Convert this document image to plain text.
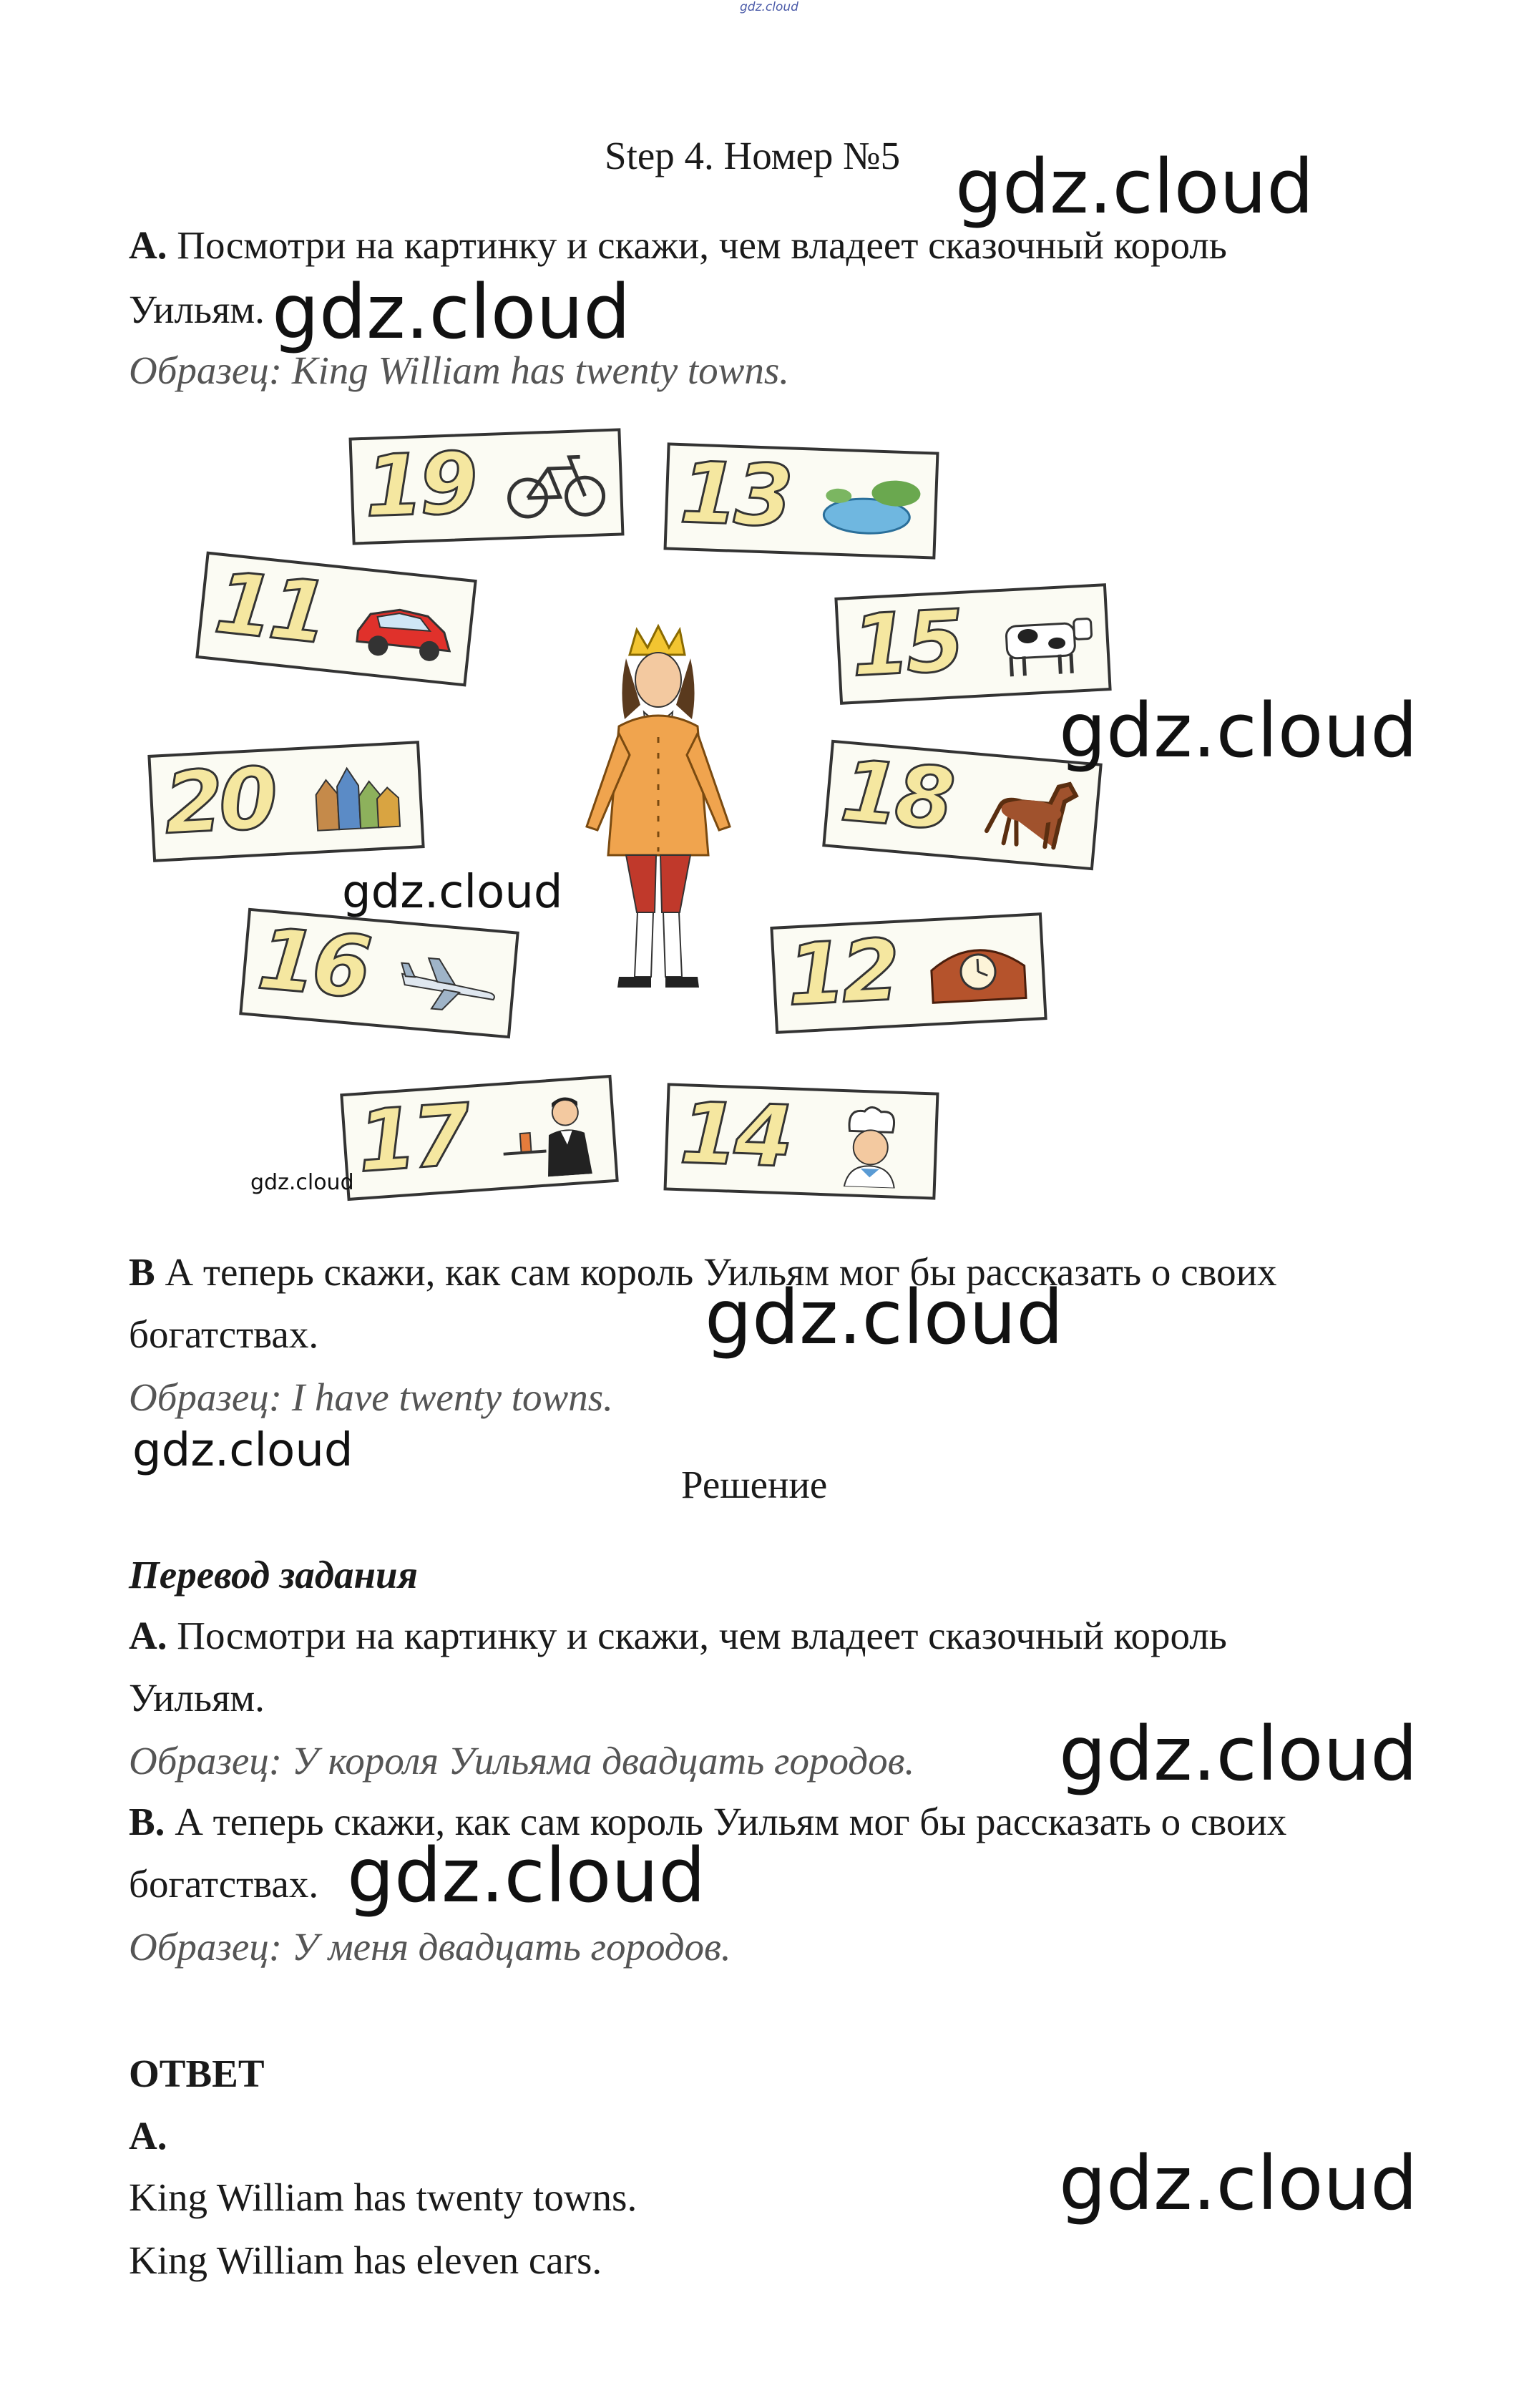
gdz.cloud
Step 4. Номер №5
А. Посмотри на картинку и скажи, чем владеет сказочный король
Уильям.
Образец: King William has twenty towns.
19 13
11	15
20	18
16	12
17 14
В А теперь скажи, как сам король Уильям мог бы рассказать о своих
богатствах.
Образец: I have twenty towns.
Решение
Перевод задания
А. Посмотри на картинку и скажи, чем владеет сказочный король
Уильям.
Образец: У короля Уильяма двадцать городов.
В. А теперь скажи, как сам король Уильям мог бы рассказать о своих
богатствах.
Образец: У меня двадцать городов.
ОТВЕТ
А.
King William has twenty towns.
King William has eleven cars.
gdz.cloud
gdz.cloud
gdz.cloud
gdz.cloud
gdz.cloud
gdz.cloud
gdz.cloud
gdz.cloud
gdz.cloud
gdz.cloud
